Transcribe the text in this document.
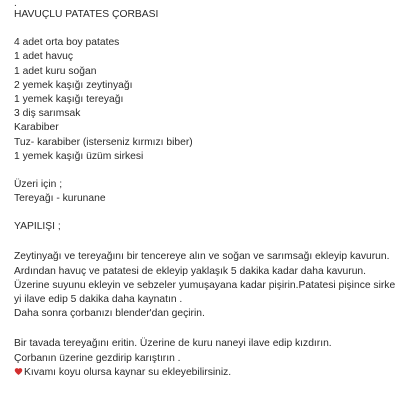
.
HAVUÇLU PATATES ÇORBASI
4 adet orta boy patates
1 adet havuç
1 adet kuru soğan
2 yemek kaşığı zeytinyağı
1 yemek kaşığı tereyağı
3 diş sarımsak
Karabiber
Tuz- karabiber (isterseniz kırmızı biber)
1 yemek kaşığı üzüm sirkesi
Üzeri için ;
Tereyağı - kurunane
YAPILIŞI ;
Zeytinyağı ve tereyağını bir tencereye alın ve soğan ve sarımsağı ekleyip kavurun.
Ardından havuç ve patatesi de ekleyip yaklaşık 5 dakika kadar daha kavurun.
Üzerine suyunu ekleyin ve sebzeler yumuşayana kadar pişirin.Patatesi pişince sirke yi ilave edip 5 dakika daha kaynatın .
Daha sonra çorbanızı blender'dan geçirin.
Bir tavada tereyağını eritin. Üzerine de kuru naneyi ilave edip kızdırın.
Çorbanın üzerine gezdirip karıştırın .
Kıvamı koyu olursa kaynar su ekleyebilirsiniz.
